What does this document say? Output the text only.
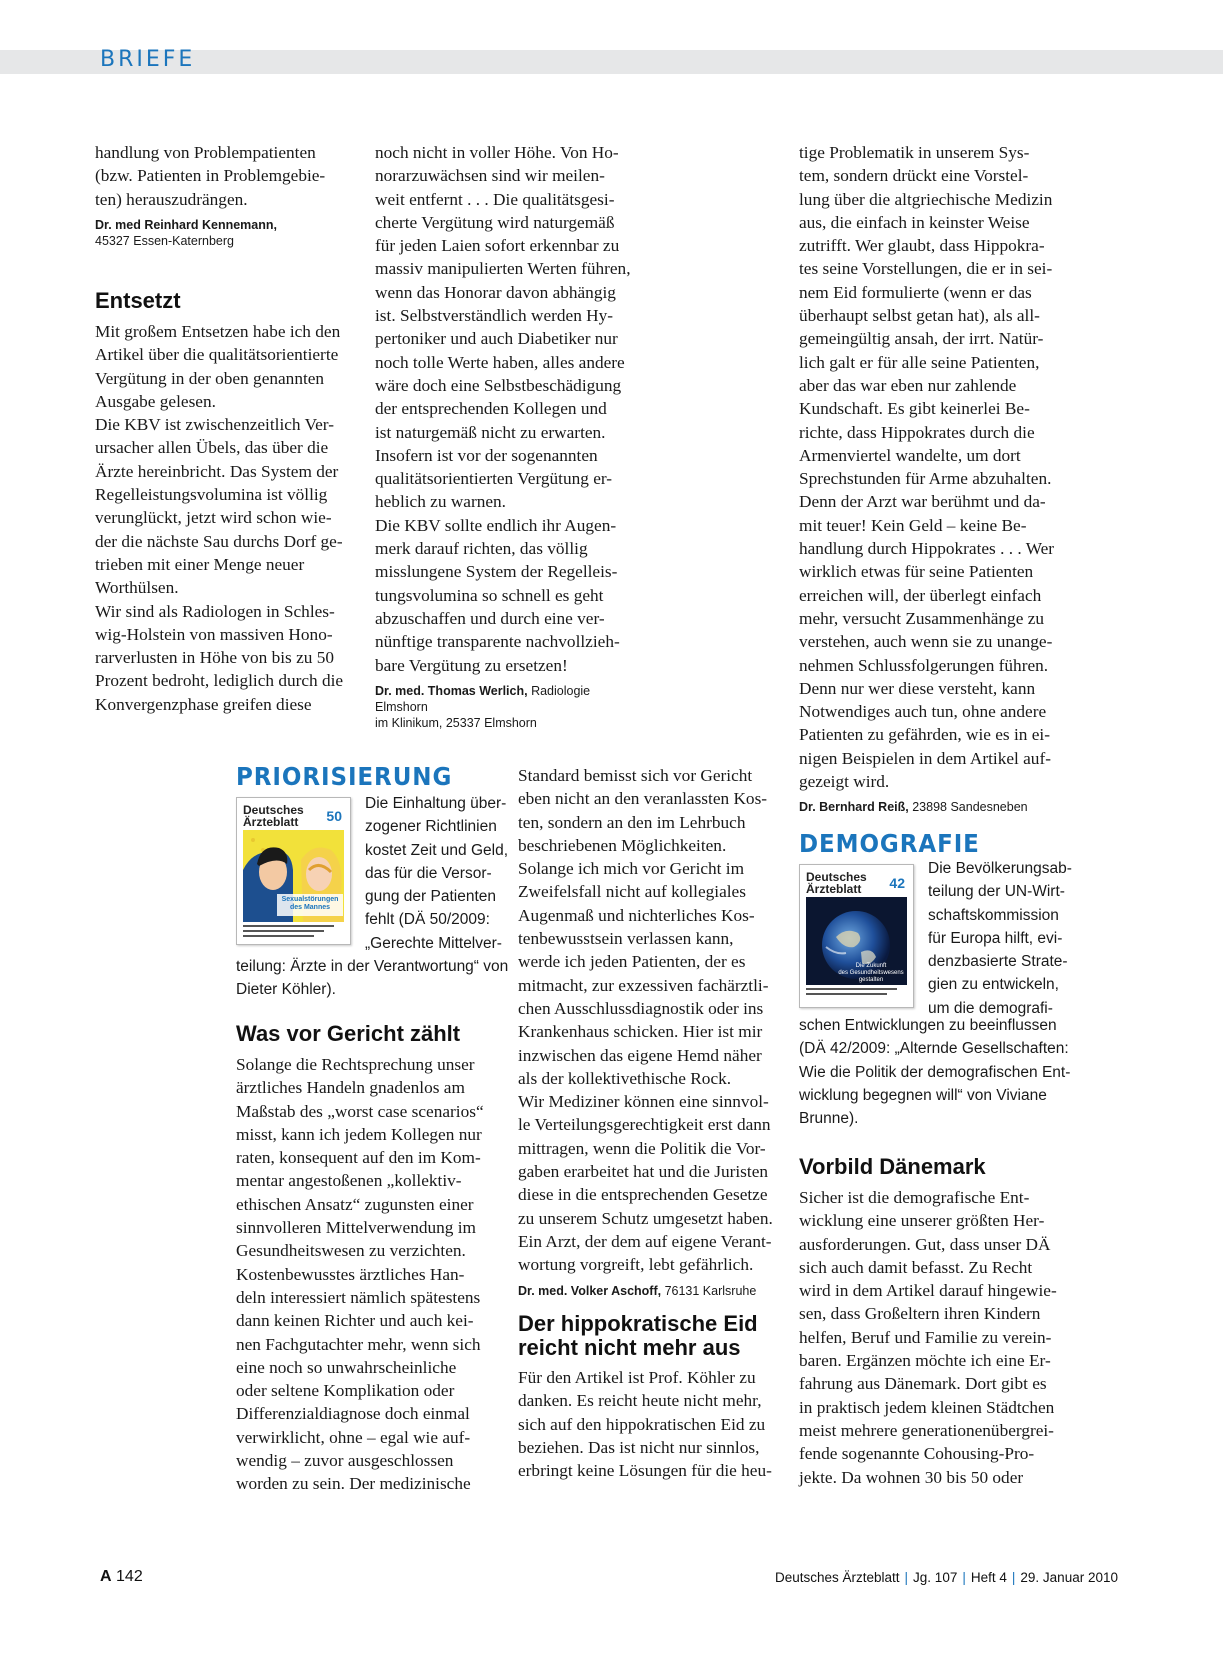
BRIEFE

handlung von Problempatienten
(bzw. Patienten in Problemgebie-
ten) herauszudrängen.

Dr. med Reinhard Kennemann,
45327 Essen-Katernberg

Entsetzt

Mit großem Entsetzen habe ich den
Artikel über die qualitätsorientierte
Vergütung in der oben genannten
Ausgabe gelesen.
Die KBV ist zwischenzeitlich Ver-
ursacher allen Übels, das über die
Ärzte hereinbricht. Das System der
Regelleistungsvolumina ist völlig
verunglückt, jetzt wird schon wie-
der die nächste Sau durchs Dorf ge-
trieben mit einer Menge neuer
Worthülsen.
Wir sind als Radiologen in Schles-
wig-Holstein von massiven Hono-
rarverlusten in Höhe von bis zu 50
Prozent bedroht, lediglich durch die
Konvergenzphase greifen diese

noch nicht in voller Höhe. Von Ho-
norarzuwächsen sind wir meilen-
weit entfernt . . . Die qualitätsgesi-
cherte Vergütung wird naturgemäß
für jeden Laien sofort erkennbar zu
massiv manipulierten Werten führen,
wenn das Honorar davon abhängig
ist. Selbstverständlich werden Hy-
pertoniker und auch Diabetiker nur
noch tolle Werte haben, alles andere
wäre doch eine Selbstbeschädigung
der entsprechenden Kollegen und
ist naturgemäß nicht zu erwarten.
Insofern ist vor der sogenannten
qualitätsorientierten Vergütung er-
heblich zu warnen.
Die KBV sollte endlich ihr Augen-
merk darauf richten, das völlig
misslungene System der Regelleis-
tungsvolumina so schnell es geht
abzuschaffen und durch eine ver-
nünftige transparente nachvollzieh-
bare Vergütung zu ersetzen!

Dr. med. Thomas Werlich, Radiologie Elmshorn
im Klinikum, 25337 Elmshorn

tige Problematik in unserem Sys-
tem, sondern drückt eine Vorstel-
lung über die altgriechische Medizin
aus, die einfach in keinster Weise
zutrifft. Wer glaubt, dass Hippokra-
tes seine Vorstellungen, die er in sei-
nem Eid formulierte (wenn er das
überhaupt selbst getan hat), als all-
gemeingültig ansah, der irrt. Natür-
lich galt er für alle seine Patienten,
aber das war eben nur zahlende
Kundschaft. Es gibt keinerlei Be-
richte, dass Hippokrates durch die
Armenviertel wandelte, um dort
Sprechstunden für Arme abzuhalten.
Denn der Arzt war berühmt und da-
mit teuer! Kein Geld – keine Be-
handlung durch Hippokrates . . . Wer
wirklich etwas für seine Patienten
erreichen will, der überlegt einfach
mehr, versucht Zusammenhänge zu
verstehen, auch wenn sie zu unange-
nehmen Schlussfolgerungen führen.
Denn nur wer diese versteht, kann
Notwendiges auch tun, ohne andere
Patienten zu gefährden, wie es in ei-
nigen Beispielen in dem Artikel auf-
gezeigt wird.

Dr. Bernhard Reiß, 23898 Sandesneben

PRIORISIERUNG
Deutsches
Ärzteblatt	50
Sexualstörungen
des Mannes

Die Einhaltung über-
zogener Richtlinien
kostet Zeit und Geld,
das für die Versor-
gung der Patienten
fehlt (DÄ 50/2009:
„Gerechte Mittelver-

teilung: Ärzte in der Verantwortung“ von
Dieter Köhler).

Was vor Gericht zählt

Solange die Rechtsprechung unser
ärztliches Handeln gnadenlos am
Maßstab des „worst case scenarios“
misst, kann ich jedem Kollegen nur
raten, konsequent auf den im Kom-
mentar angestoßenen „kollektiv-
ethischen Ansatz“ zugunsten einer
sinnvolleren Mittelverwendung im
Gesundheitswesen zu verzichten.
Kostenbewusstes ärztliches Han-
deln interessiert nämlich spätestens
dann keinen Richter und auch kei-
nen Fachgutachter mehr, wenn sich
eine noch so unwahrscheinliche
oder seltene Komplikation oder
Differenzialdiagnose doch einmal
verwirklicht, ohne – egal wie auf-
wendig – zuvor ausgeschlossen
worden zu sein. Der medizinische

Standard bemisst sich vor Gericht
eben nicht an den veranlassten Kos-
ten, sondern an den im Lehrbuch
beschriebenen Möglichkeiten.
Solange ich mich vor Gericht im
Zweifelsfall nicht auf kollegiales
Augenmaß und nichterliches Kos-
tenbewusstsein verlassen kann,
werde ich jeden Patienten, der es
mitmacht, zur exzessiven fachärztli-
chen Ausschlussdiagnostik oder ins
Krankenhaus schicken. Hier ist mir
inzwischen das eigene Hemd näher
als der kollektivethische Rock.
Wir Mediziner können eine sinnvol-
le Verteilungsgerechtigkeit erst dann
mittragen, wenn die Politik die Vor-
gaben erarbeitet hat und die Juristen
diese in die entsprechenden Gesetze
zu unserem Schutz umgesetzt haben.
Ein Arzt, der dem auf eigene Verant-
wortung vorgreift, lebt gefährlich.

Dr. med. Volker Aschoff, 76131 Karlsruhe

Der hippokratische Eid
reicht nicht mehr aus

Für den Artikel ist Prof. Köhler zu
danken. Es reicht heute nicht mehr,
sich auf den hippokratischen Eid zu
beziehen. Das ist nicht nur sinnlos,
erbringt keine Lösungen für die heu-

DEMOGRAFIE
Deutsches
Ärzteblatt	42
Die Zukunft
des Gesundheitswesens gestalten

Die Bevölkerungsab-
teilung der UN-Wirt-
schaftskommission
für Europa hilft, evi-
denzbasierte Strate-
gien zu entwickeln,
um die demografi-

schen Entwicklungen zu beeinflussen
(DÄ 42/2009: „Alternde Gesellschaften:
Wie die Politik der demografischen Ent-
wicklung begegnen will“ von Viviane
Brunne).

Vorbild Dänemark

Sicher ist die demografische Ent-
wicklung eine unserer größten Her-
ausforderungen. Gut, dass unser DÄ
sich auch damit befasst. Zu Recht
wird in dem Artikel darauf hingewie-
sen, dass Großeltern ihren Kindern
helfen, Beruf und Familie zu verein-
baren. Ergänzen möchte ich eine Er-
fahrung aus Dänemark. Dort gibt es
in praktisch jedem kleinen Städtchen
meist mehrere generationenübergrei-
fende sogenannte Cohousing-Pro-
jekte. Da wohnen 30 bis 50 oder

A 142	Deutsches Ärzteblatt | Jg. 107 | Heft 4 | 29. Januar 2010
